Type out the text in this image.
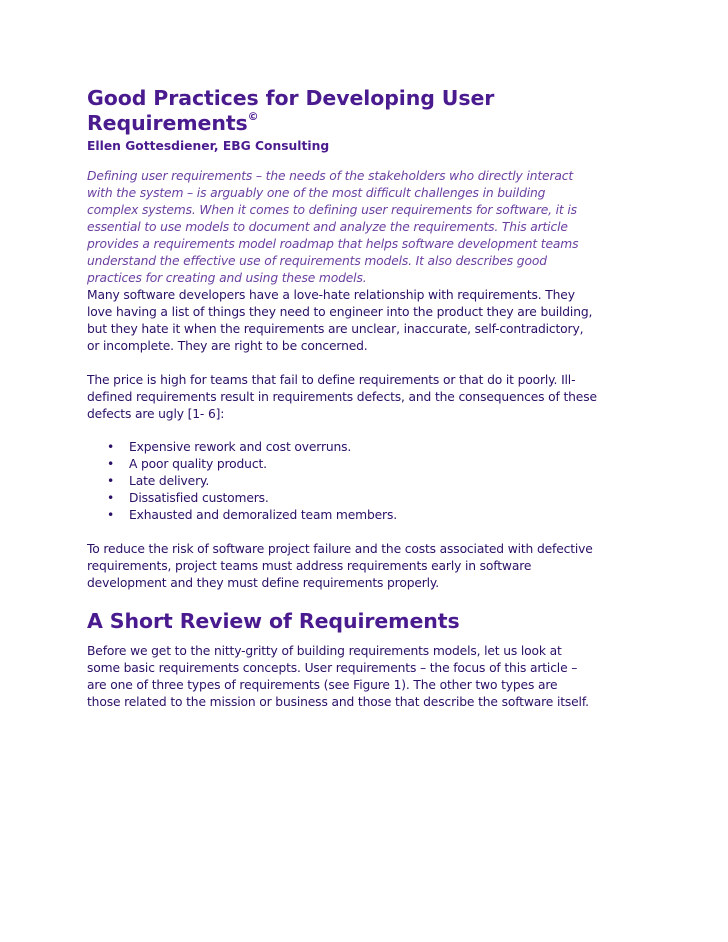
Good Practices for Developing User
Requirements©

Ellen Gottesdiener, EBG Consulting

Defining user requirements – the needs of the stakeholders who directly interact
with the system – is arguably one of the most difficult challenges in building
complex systems. When it comes to defining user requirements for software, it is
essential to use models to document and analyze the requirements. This article
provides a requirements model roadmap that helps software development teams
understand the effective use of requirements models. It also describes good
practices for creating and using these models.

Many software developers have a love-hate relationship with requirements. They
love having a list of things they need to engineer into the product they are building,
but they hate it when the requirements are unclear, inaccurate, self-contradictory,
or incomplete. They are right to be concerned.

The price is high for teams that fail to define requirements or that do it poorly. Ill-
defined requirements result in requirements defects, and the consequences of these
defects are ugly [1- 6]:

• Expensive rework and cost overruns.
• A poor quality product.
• Late delivery.
• Dissatisfied customers.
• Exhausted and demoralized team members.

To reduce the risk of software project failure and the costs associated with defective
requirements, project teams must address requirements early in software
development and they must define requirements properly.

A Short Review of Requirements

Before we get to the nitty-gritty of building requirements models, let us look at
some basic requirements concepts. User requirements – the focus of this article –
are one of three types of requirements (see Figure 1). The other two types are
those related to the mission or business and those that describe the software itself.
